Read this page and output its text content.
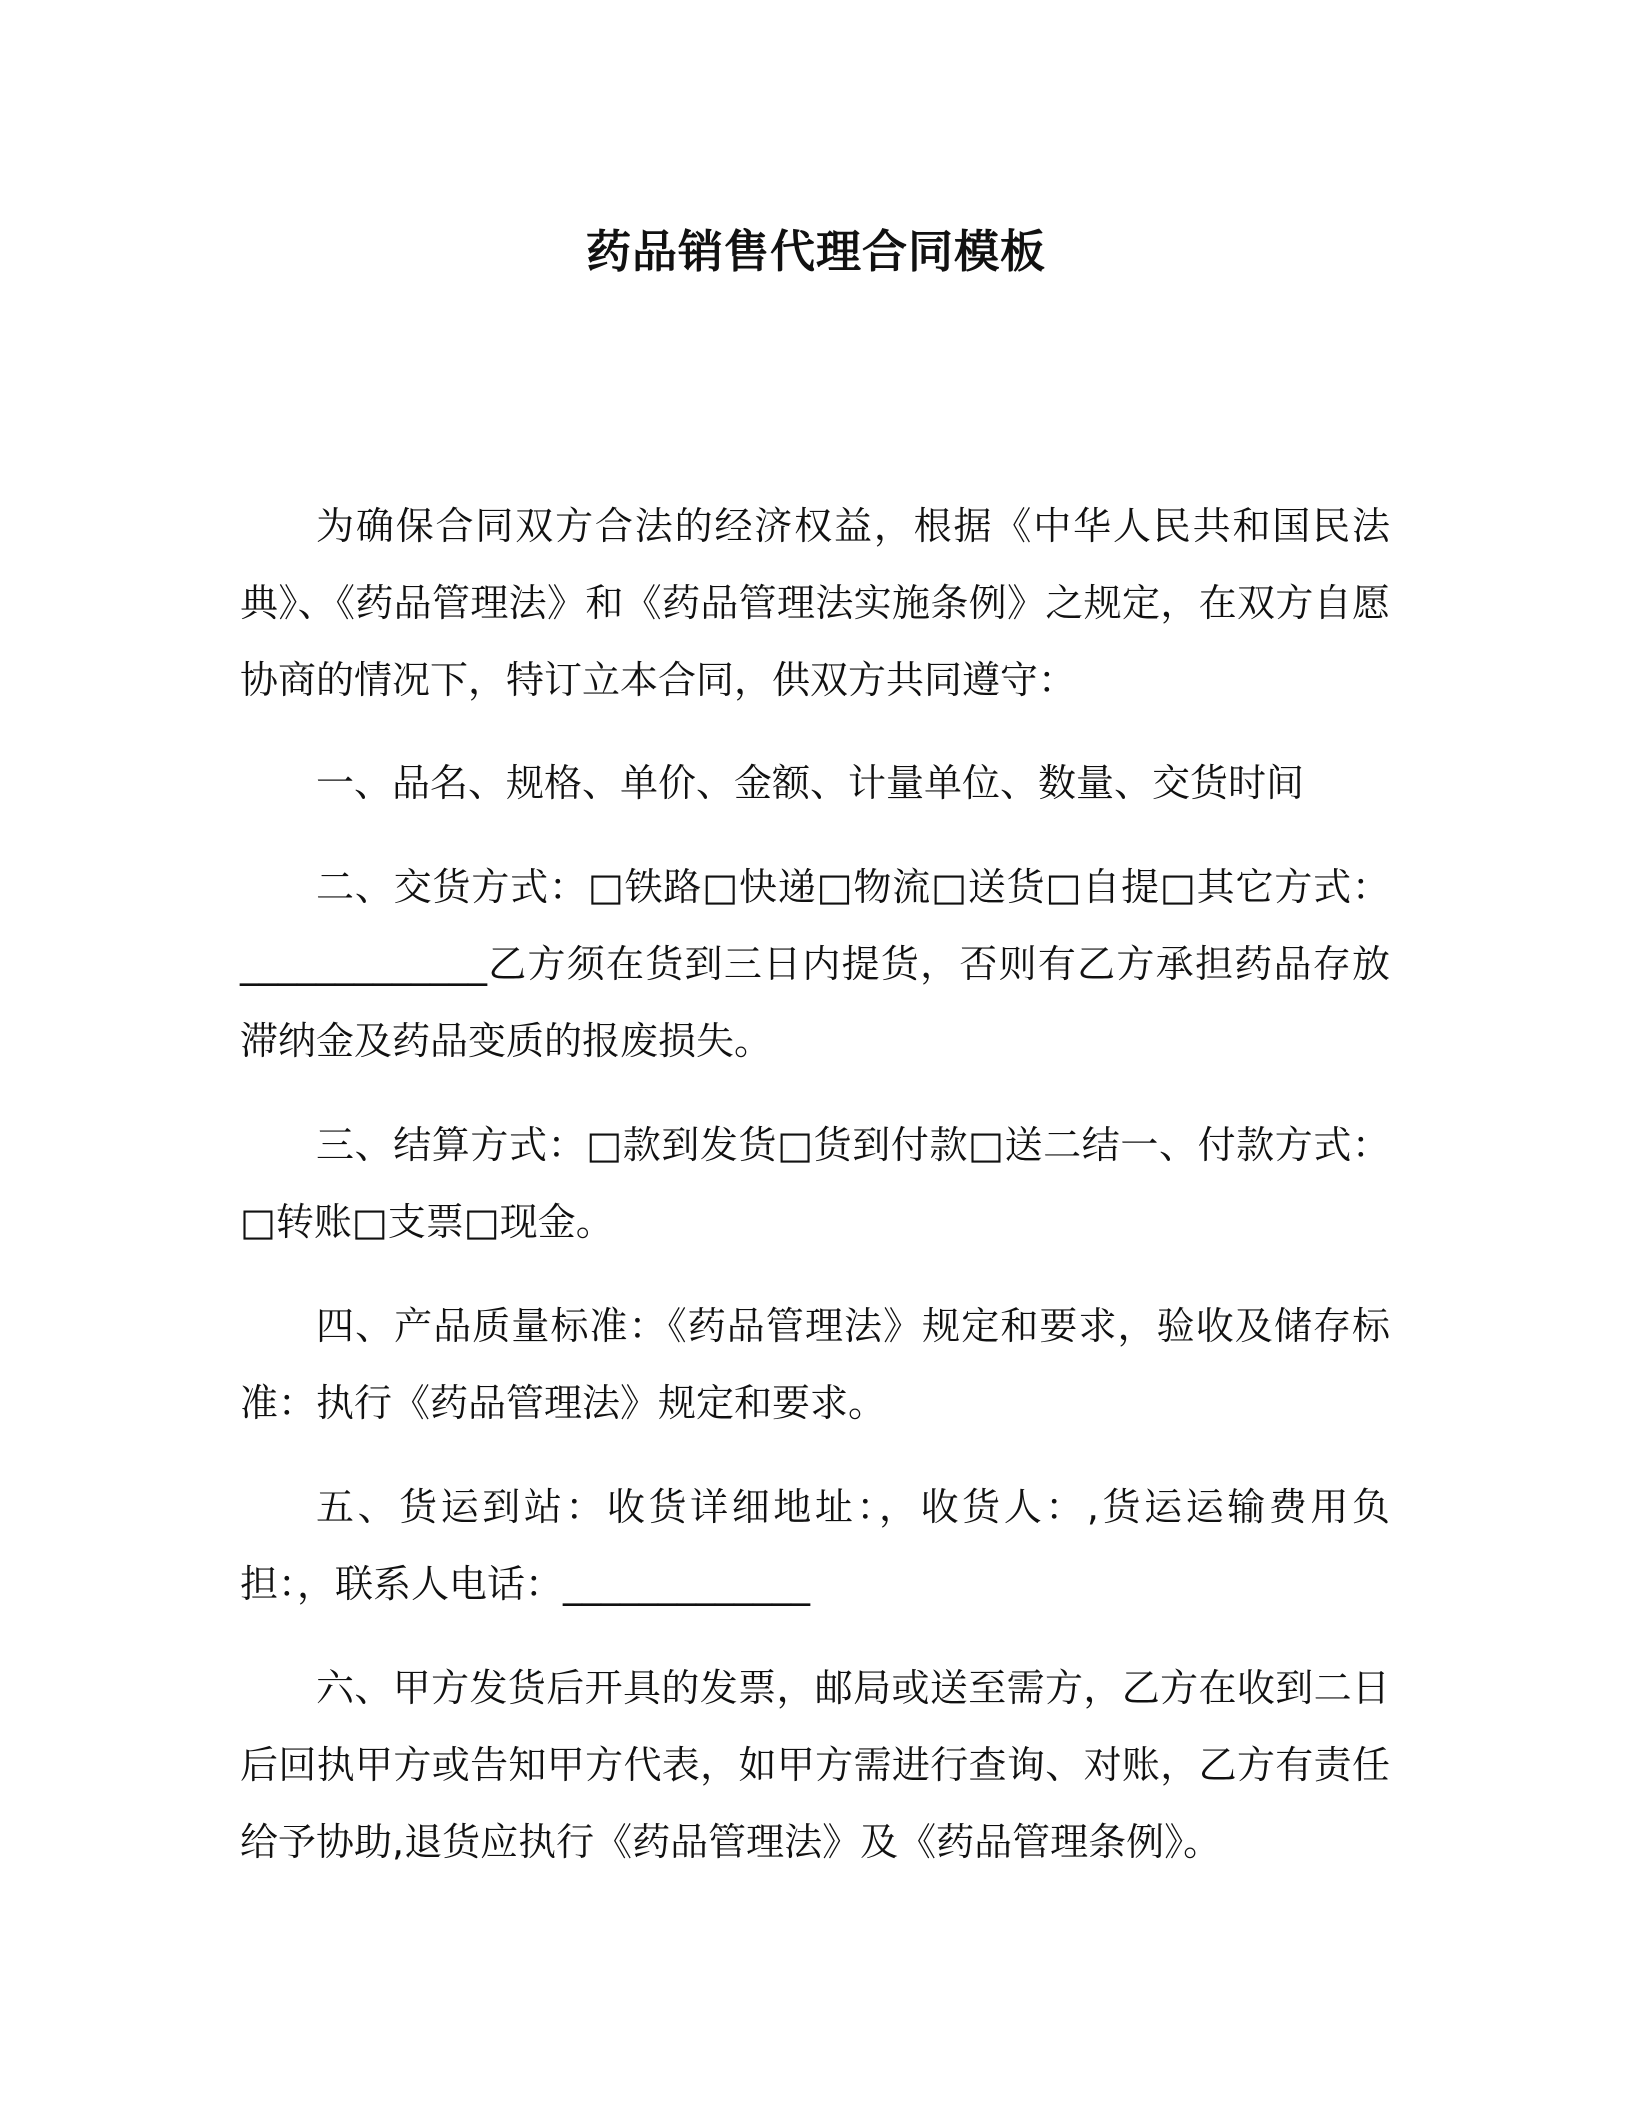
药品销售代理合同模板

为确保合同双方合法的经济权益，根据《中华人民共和国民法典》、《药品管理法》和《药品管理法实施条例》之规定，在双方自愿协商的情况下，特订立本合同，供双方共同遵守：

一、品名、规格、单价、金额、计量单位、数量、交货时间

二、交货方式：□铁路□快递□物流□送货□自提□其它方式：_____________乙方须在货到三日内提货，否则有乙方承担药品存放滞纳金及药品变质的报废损失。

三、结算方式：□款到发货□货到付款□送二结一、付款方式：□转账□支票□现金。

四、产品质量标准：《药品管理法》规定和要求，验收及储存标准：执行《药品管理法》规定和要求。

五、货运到站：收货详细地址：，收货人：,货运运输费用负担：，联系人电话：_____________

六、甲方发货后开具的发票，邮局或送至需方，乙方在收到二日后回执甲方或告知甲方代表，如甲方需进行查询、对账，乙方有责任给予协助,退货应执行《药品管理法》及《药品管理条例》。
